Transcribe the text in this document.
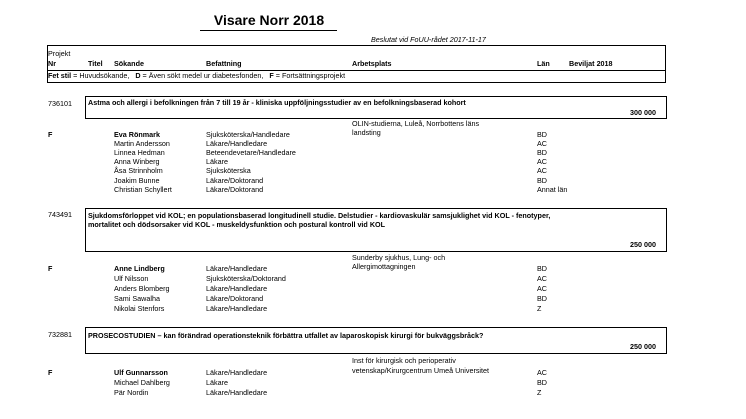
Visare Norr 2018
Beslutat vid FoUU-rådet 2017-11-17
Projekt
Nr	Titel Sökande	Befattning	Arbetsplats	Län	Beviljat 2018
Fet stil = Huvudsökande, D = Även sökt medel ur diabetesfonden, F = Fortsättningsprojekt
736101 Astma och allergi i befolkningen från 7 till 19 år - kliniska uppföljningsstudier av en befolkningsbaserad kohort
300 000
OLIN-studierna, Luleå, Norrbottens läns
landsting
F	Eva Rönmark	Sjuksköterska/Handledare	BD
Martin Andersson	Läkare/Handledare	AC
Linnea Hedman	Beteendevetare/Handledare	BD
Anna Winberg	Läkare	AC
Åsa Strinnholm	Sjuksköterska	AC
Joakim Bunne	Läkare/Doktorand	BD
Christian Schyllert	Läkare/Doktorand	Annat län
743491 Sjukdomsförloppet vid KOL; en populationsbaserad longitudinell studie. Delstudier - kardiovaskulär samsjuklighet vid KOL - fenotyper, mortalitet och dödsorsaker vid KOL - muskeldysfunktion och postural kontroll vid KOL
250 000
Sunderby sjukhus, Lung- och
Allergimottagningen
F	Anne Lindberg	Läkare/Handledare	BD
Ulf Nilsson	Sjuksköterska/Doktorand	AC
Anders Blomberg	Läkare/Handledare	AC
Sami Sawalha	Läkare/Doktorand	BD
Nikolai Stenfors	Läkare/Handledare	Z
732881 PROSECOSTUDIEN – kan förändrad operationsteknik förbättra utfallet av laparoskopisk kirurgi för bukväggsbråck?
250 000
Inst för kirurgisk och perioperativ
vetenskap/Kirurgcentrum Umeå Universitet
F	Ulf Gunnarsson	Läkare/Handledare	AC
Michael Dahlberg	Läkare	BD
Pär Nordin	Läkare/Handledare	Z
